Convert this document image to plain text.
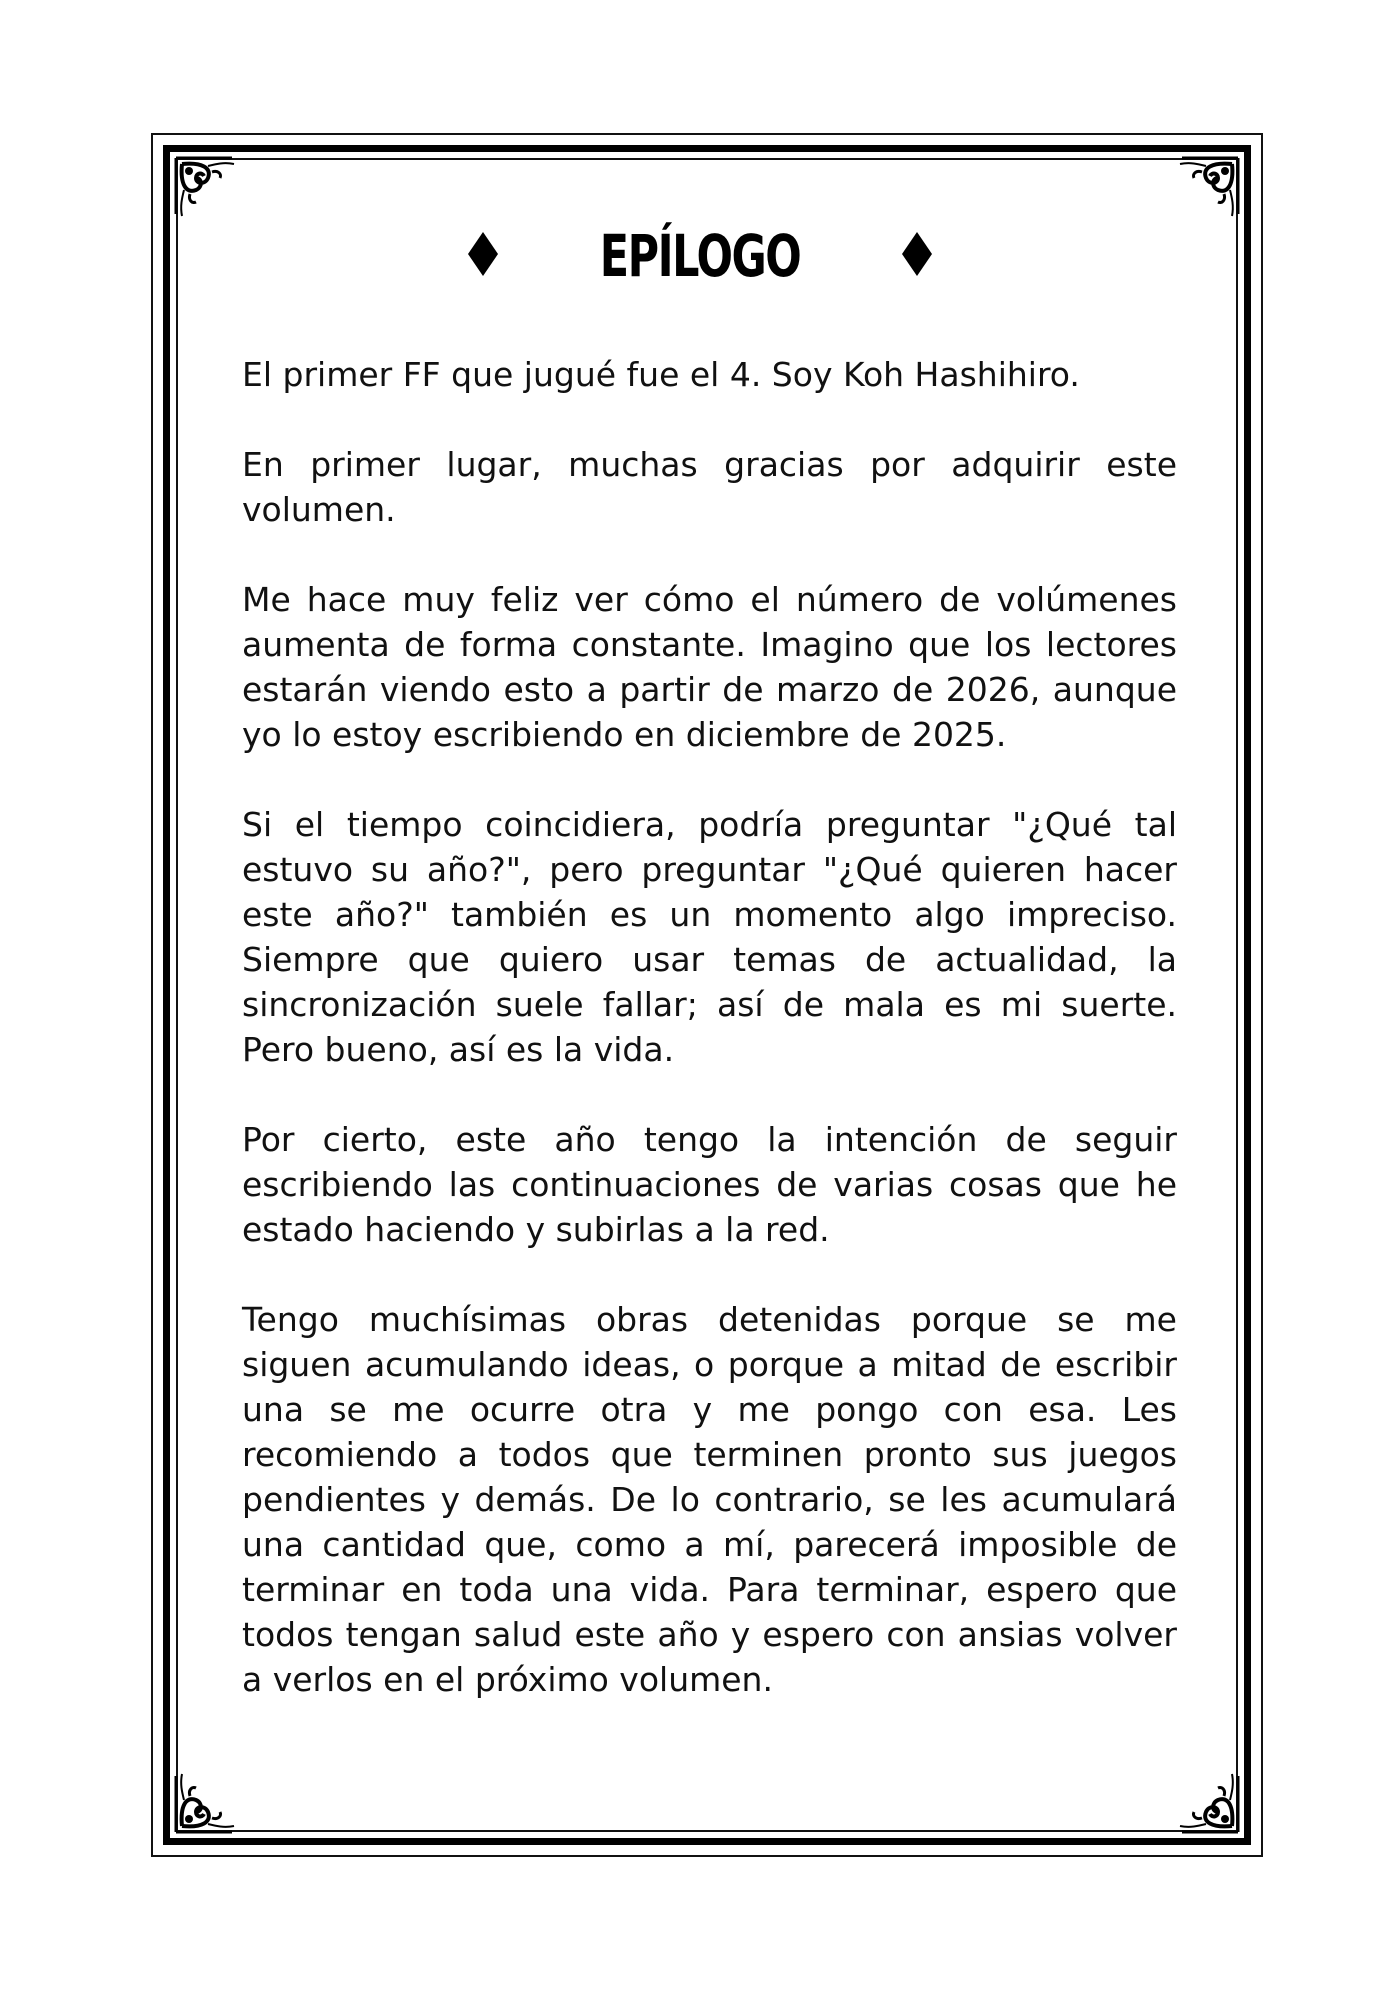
EPÍLOGO

El primer FF que jugué fue el 4. Soy Koh Hashihiro.

En primer lugar, muchas gracias por adquirir este volumen.

Me hace muy feliz ver cómo el número de volúmenes aumenta de forma constante. Imagino que los lectores estarán viendo esto a partir de marzo de 2026, aunque yo lo estoy escribiendo en diciembre de 2025.

Si el tiempo coincidiera, podría preguntar "¿Qué tal estuvo su año?", pero preguntar "¿Qué quieren hacer este año?" también es un momento algo impreciso. Siempre que quiero usar temas de actualidad, la sincronización suele fallar; así de mala es mi suerte. Pero bueno, así es la vida.

Por cierto, este año tengo la intención de seguir escribiendo las continuaciones de varias cosas que he estado haciendo y subirlas a la red.

Tengo muchísimas obras detenidas porque se me siguen acumulando ideas, o porque a mitad de escribir una se me ocurre otra y me pongo con esa. Les recomiendo a todos que terminen pronto sus juegos pendientes y demás. De lo contrario, se les acumulará una cantidad que, como a mí, parecerá imposible de terminar en toda una vida. Para terminar, espero que todos tengan salud este año y espero con ansias volver a verlos en el próximo volumen.
